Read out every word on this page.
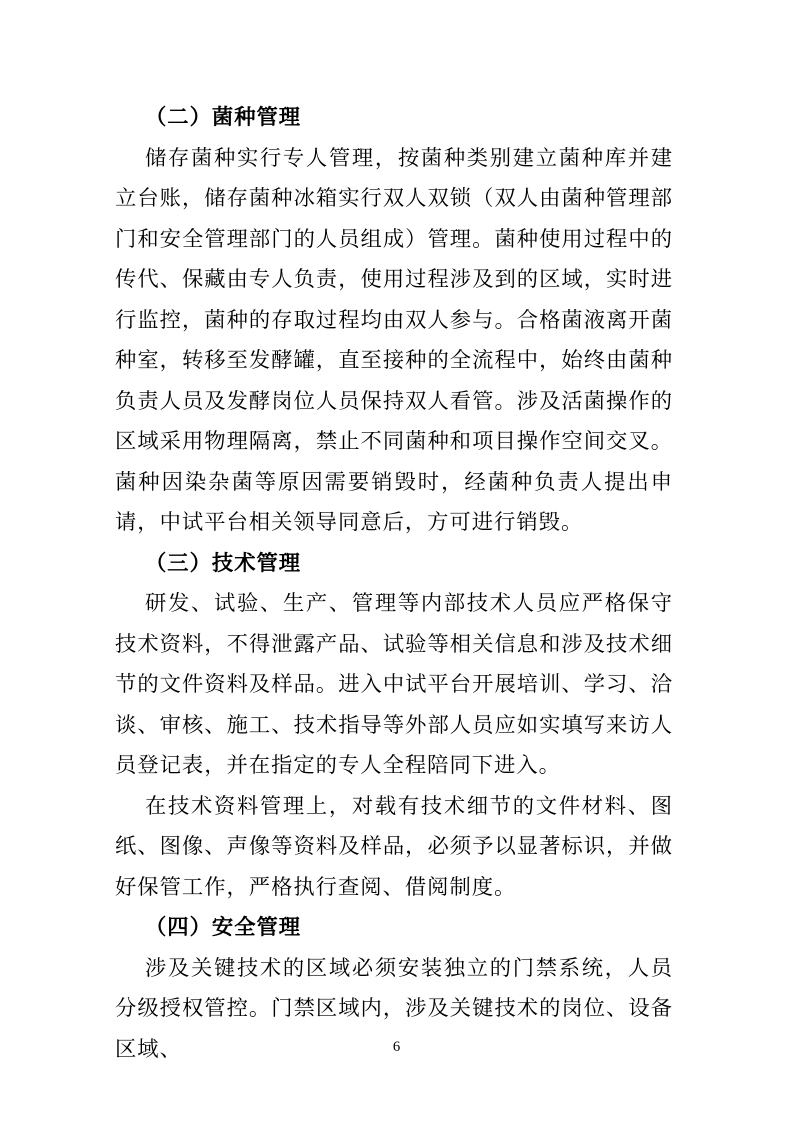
（二）菌种管理

储存菌种实行专人管理，按菌种类别建立菌种库并建立台账，储存菌种冰箱实行双人双锁（双人由菌种管理部门和安全管理部门的人员组成）管理。菌种使用过程中的传代、保藏由专人负责，使用过程涉及到的区域，实时进行监控，菌种的存取过程均由双人参与。合格菌液离开菌种室，转移至发酵罐，直至接种的全流程中，始终由菌种负责人员及发酵岗位人员保持双人看管。涉及活菌操作的区域采用物理隔离，禁止不同菌种和项目操作空间交叉。菌种因染杂菌等原因需要销毁时，经菌种负责人提出申请，中试平台相关领导同意后，方可进行销毁。

（三）技术管理

研发、试验、生产、管理等内部技术人员应严格保守技术资料，不得泄露产品、试验等相关信息和涉及技术细节的文件资料及样品。进入中试平台开展培训、学习、洽谈、审核、施工、技术指导等外部人员应如实填写来访人员登记表，并在指定的专人全程陪同下进入。

在技术资料管理上，对载有技术细节的文件材料、图纸、图像、声像等资料及样品，必须予以显著标识，并做好保管工作，严格执行查阅、借阅制度。

（四）安全管理

涉及关键技术的区域必须安装独立的门禁系统，人员分级授权管控。门禁区域内，涉及关键技术的岗位、设备区域、	6
